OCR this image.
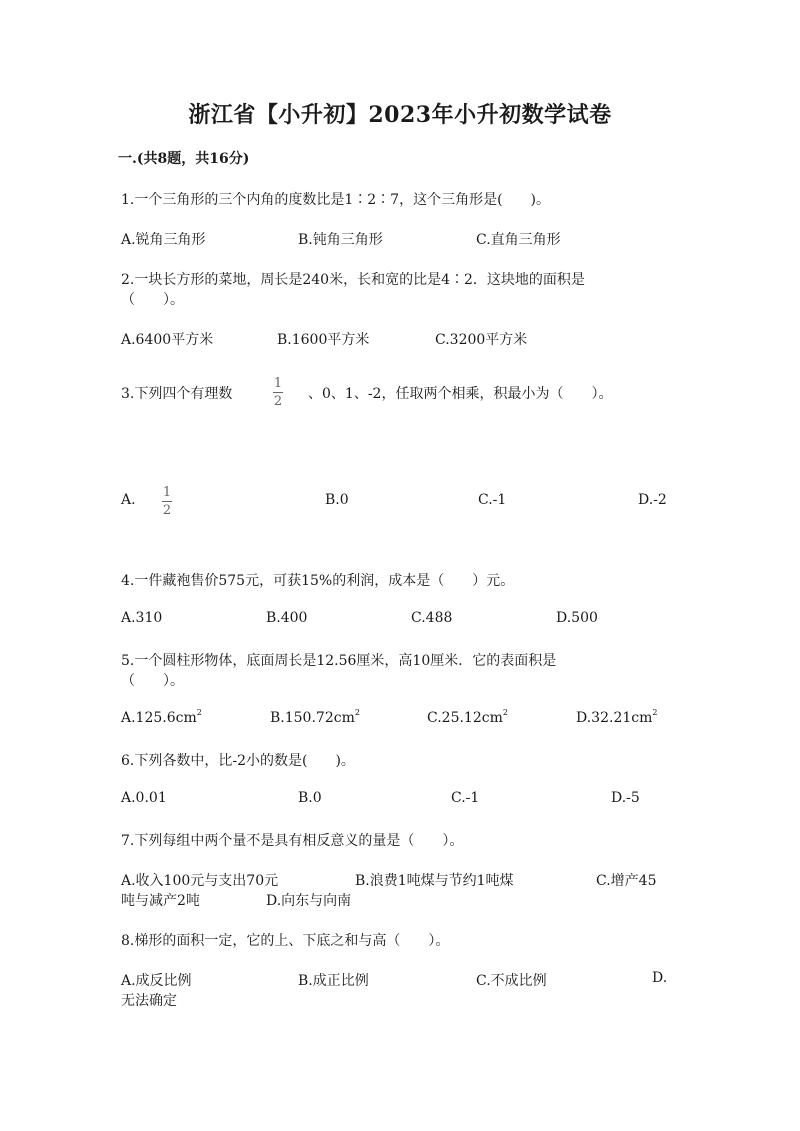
浙江省【小升初】2023年小升初数学试卷
一.(共8题，共16分)
1.一个三角形的三个内角的度数比是1∶2∶7，这个三角形是(　　)。
A.锐角三角形	B.钝角三角形	C.直角三角形
2.一块长方形的菜地，周长是240米，长和宽的比是4∶2．这块地的面积是
（　　）。
A.6400平方米	B.1600平方米	C.3200平方米
3.下列四个有理数
1
2 、0、1、-2，任取两个相乘，积最小为（　　）。
A. 1
2
B.0	C.-1	D.-2
4.一件藏袍售价575元，可获15%的利润，成本是（　　）元。
A.310	B.400	C.488	D.500
5.一个圆柱形物体，底面周长是12.56厘米，高10厘米．它的表面积是
（　　）。
$A.125.6cm^2$	$B.150.72cm^2$	$C.25.12cm^2$	$D.32.21cm^2$
6.下列各数中，比-2小的数是(　　)。
A.0.01	B.0	C.-1	D.-5
7.下列每组中两个量不是具有相反意义的量是（　　）。
A.收入100元与支出70元	B.浪费1吨煤与节约1吨煤	C.增产45
吨与减产2吨	D.向东与向南
8.梯形的面积一定，它的上、下底之和与高（　　）。
A.成反比例	B.成正比例	C.不成比例	D.
无法确定
